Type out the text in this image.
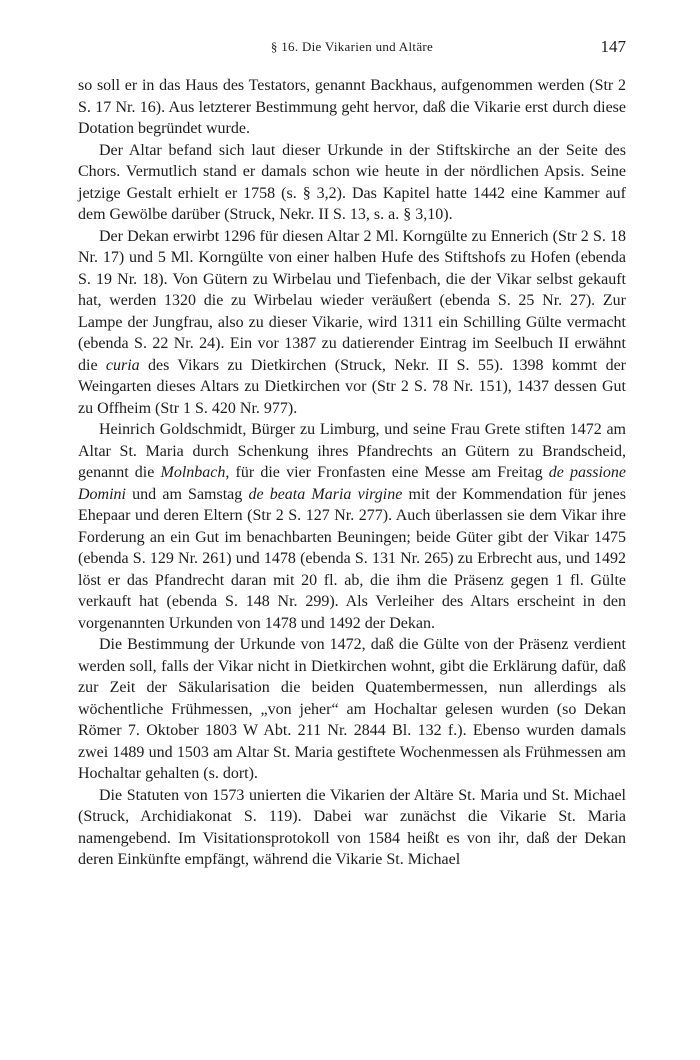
§ 16. Die Vikarien und Altäre	147

so soll er in das Haus des Testators, genannt Backhaus, aufgenommen werden (Str 2 S. 17 Nr. 16). Aus letzterer Bestimmung geht hervor, daß die Vikarie erst durch diese Dotation begründet wurde.

Der Altar befand sich laut dieser Urkunde in der Stiftskirche an der Seite des Chors. Vermutlich stand er damals schon wie heute in der nördlichen Apsis. Seine jetzige Gestalt erhielt er 1758 (s. § 3,2). Das Kapitel hatte 1442 eine Kammer auf dem Gewölbe darüber (Struck, Nekr. II S. 13, s. a. § 3,10).

Der Dekan erwirbt 1296 für diesen Altar 2 Ml. Korngülte zu Ennerich (Str 2 S. 18 Nr. 17) und 5 Ml. Korngülte von einer halben Hufe des Stiftshofs zu Hofen (ebenda S. 19 Nr. 18). Von Gütern zu Wirbelau und Tiefenbach, die der Vikar selbst gekauft hat, werden 1320 die zu Wirbelau wieder veräußert (ebenda S. 25 Nr. 27). Zur Lampe der Jungfrau, also zu dieser Vikarie, wird 1311 ein Schilling Gülte vermacht (ebenda S. 22 Nr. 24). Ein vor 1387 zu datierender Eintrag im Seelbuch II erwähnt die curia des Vikars zu Dietkirchen (Struck, Nekr. II S. 55). 1398 kommt der Weingarten dieses Altars zu Dietkirchen vor (Str 2 S. 78 Nr. 151), 1437 dessen Gut zu Offheim (Str 1 S. 420 Nr. 977).

Heinrich Goldschmidt, Bürger zu Limburg, und seine Frau Grete stiften 1472 am Altar St. Maria durch Schenkung ihres Pfandrechts an Gütern zu Brandscheid, genannt die Molnbach, für die vier Fronfasten eine Messe am Freitag de passione Domini und am Samstag de beata Maria virgine mit der Kommendation für jenes Ehepaar und deren Eltern (Str 2 S. 127 Nr. 277). Auch überlassen sie dem Vikar ihre Forderung an ein Gut im benachbarten Beuningen; beide Güter gibt der Vikar 1475 (ebenda S. 129 Nr. 261) und 1478 (ebenda S. 131 Nr. 265) zu Erbrecht aus, und 1492 löst er das Pfandrecht daran mit 20 fl. ab, die ihm die Präsenz gegen 1 fl. Gülte verkauft hat (ebenda S. 148 Nr. 299). Als Verleiher des Altars erscheint in den vorgenannten Urkunden von 1478 und 1492 der Dekan.

Die Bestimmung der Urkunde von 1472, daß die Gülte von der Präsenz verdient werden soll, falls der Vikar nicht in Dietkirchen wohnt, gibt die Erklärung dafür, daß zur Zeit der Säkularisation die beiden Quatembermessen, nun allerdings als wöchentliche Frühmessen, „von jeher“ am Hochaltar gelesen wurden (so Dekan Römer 7. Oktober 1803 W Abt. 211 Nr. 2844 Bl. 132 f.). Ebenso wurden damals zwei 1489 und 1503 am Altar St. Maria gestiftete Wochenmessen als Frühmessen am Hochaltar gehalten (s. dort).

Die Statuten von 1573 unierten die Vikarien der Altäre St. Maria und St. Michael (Struck, Archidiakonat S. 119). Dabei war zunächst die Vikarie St. Maria namengebend. Im Visitationsprotokoll von 1584 heißt es von ihr, daß der Dekan deren Einkünfte empfängt, während die Vikarie St. Michael
